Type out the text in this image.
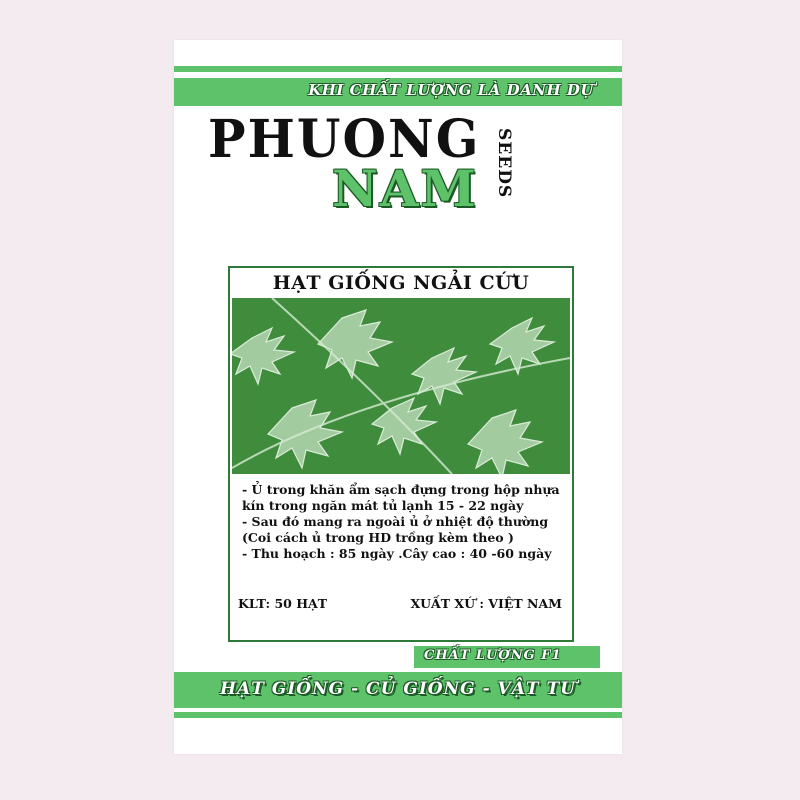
KHI CHẤT LƯỢNG LÀ DANH DỰ
PHUONG
NAM SEEDS
HẠT GIỐNG NGẢI CỨU
- Ủ trong khăn ẩm sạch đựng trong hộp nhựa
kín trong ngăn mát tủ lạnh 15 - 22 ngày
- Sau đó mang ra ngoài ủ ở nhiệt độ thường
(Coi cách ủ trong HD trồng kèm theo )
- Thu hoạch : 85 ngày .Cây cao : 40 -60 ngày
KLT: 50 HẠT	XUẤT XỨ : VIỆT NAM
CHẤT LƯỢNG F1
HẠT GIỐNG - CỦ GIỐNG - VẬT TƯ
